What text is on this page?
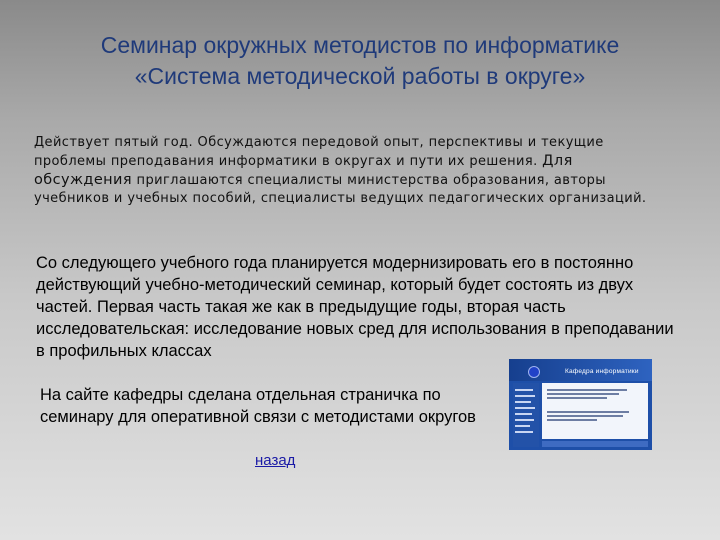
Семинар окружных методистов по информатике
«Система методической работы в округе»
Действует пятый год. Обсуждаются передовой опыт, перспективы и текущие проблемы преподавания информатики в округах и пути их решения. Для обсуждения приглашаются специалисты министерства образования, авторы учебников и учебных пособий, специалисты ведущих педагогических организаций.
Со следующего учебного года планируется модернизировать его в постоянно действующий учебно-методический семинар, который будет состоять из двух частей. Первая часть такая же как в предыдущие годы, вторая часть исследовательская: исследование новых сред для использования в преподавании в профильных классах
На сайте кафедры сделана отдельная страничка по семинару для оперативной связи с методистами округов
Кафедра информатики
назад
